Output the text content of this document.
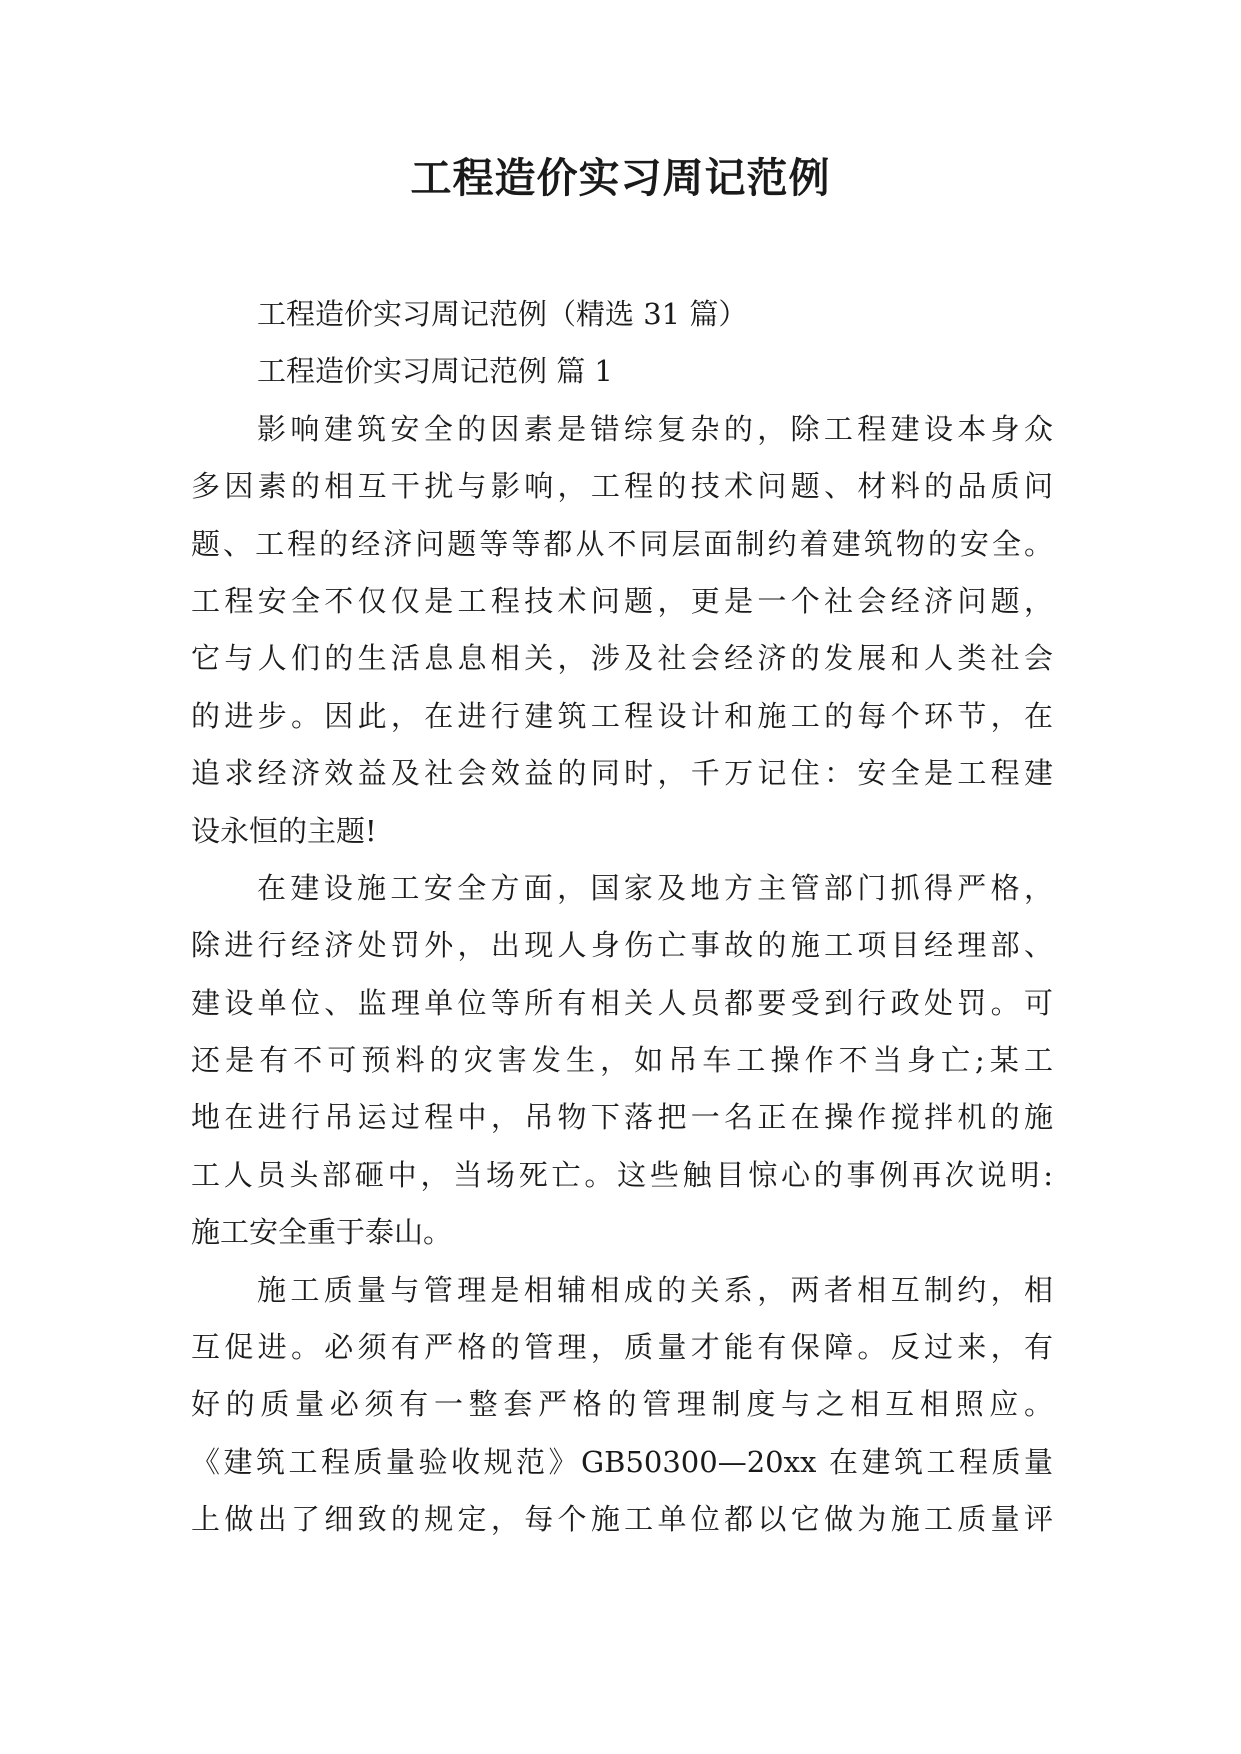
工程造价实习周记范例
工程造价实习周记范例（精选 31 篇）
工程造价实习周记范例 篇 1
影响建筑安全的因素是错综复杂的，除工程建设本身众
多因素的相互干扰与影响，工程的技术问题、材料的品质问
题、工程的经济问题等等都从不同层面制约着建筑物的安全。
工程安全不仅仅是工程技术问题，更是一个社会经济问题，
它与人们的生活息息相关，涉及社会经济的发展和人类社会
的进步。因此，在进行建筑工程设计和施工的每个环节，在
追求经济效益及社会效益的同时，千万记住：安全是工程建
设永恒的主题!
在建设施工安全方面，国家及地方主管部门抓得严格，
除进行经济处罚外，出现人身伤亡事故的施工项目经理部、
建设单位、监理单位等所有相关人员都要受到行政处罚。可
还是有不可预料的灾害发生，如吊车工操作不当身亡;某工
地在进行吊运过程中，吊物下落把一名正在操作搅拌机的施
工人员头部砸中，当场死亡。这些触目惊心的事例再次说明:
施工安全重于泰山。
施工质量与管理是相辅相成的关系，两者相互制约，相
互促进。必须有严格的管理，质量才能有保障。反过来，有
好的质量必须有一整套严格的管理制度与之相互相照应。
《建筑工程质量验收规范》GB50300—20xx 在建筑工程质量
上做出了细致的规定，每个施工单位都以它做为施工质量评
